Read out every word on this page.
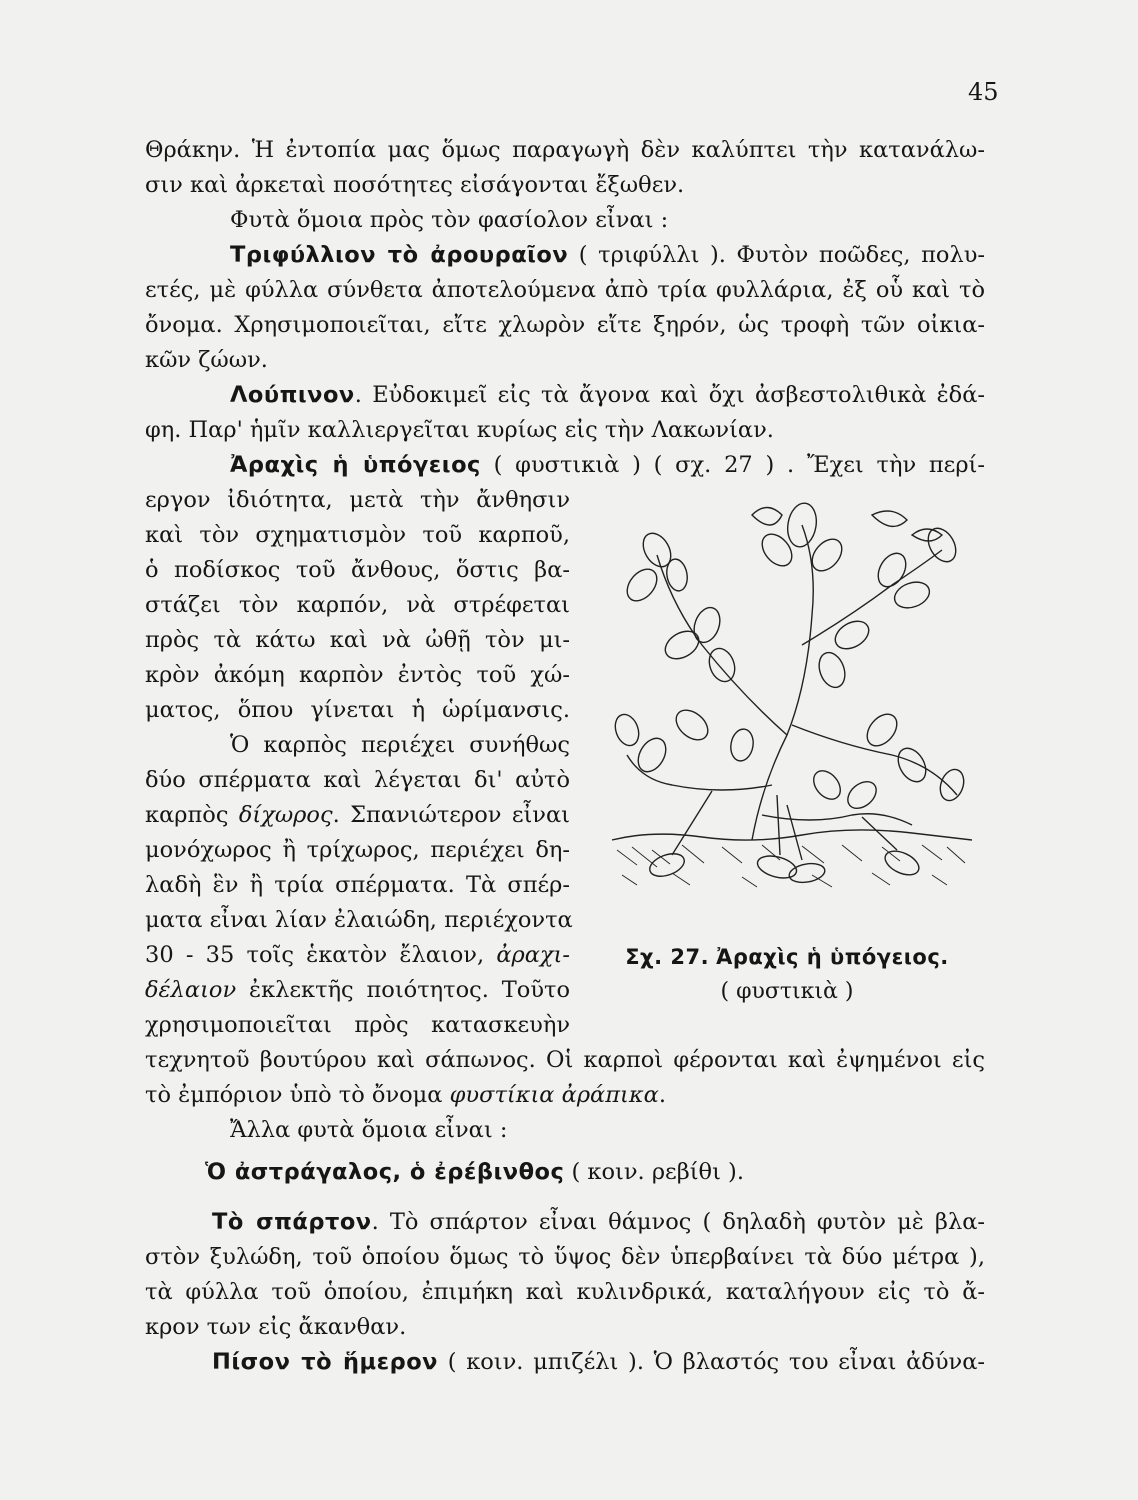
45
Θράκην. Ἡ ἐντοπία μας ὅμως παραγωγὴ δὲν καλύπτει τὴν κατανάλω-
σιν καὶ ἀρκεταὶ ποσότητες εἰσάγονται ἔξωθεν.
Φυτὰ ὅμοια πρὸς τὸν φασίολον εἶναι :
Τριφύλλιον τὸ ἀρουραῖον ( τριφύλλι ). Φυτὸν ποῶδες, πολυ-
ετές, μὲ φύλλα σύνθετα ἀποτελούμενα ἀπὸ τρία φυλλάρια, ἐξ οὗ καὶ τὸ
ὄνομα. Χρησιμοποιεῖται, εἴτε χλωρὸν εἴτε ξηρόν, ὡς τροφὴ τῶν οἰκια-
κῶν ζώων.
Λούπινον. Εὐδοκιμεῖ εἰς τὰ ἄγονα καὶ ὄχι ἀσβεστολιθικὰ ἐδά-
φη. Παρ' ἡμῖν καλλιεργεῖται κυρίως εἰς τὴν Λακωνίαν.
Ἀραχὶς ἡ ὑπόγειος ( φυστικιὰ ) ( σχ. 27 ) . Ἔχει τὴν περί-
εργον ἰδιότητα, μετὰ τὴν ἄνθησιν
καὶ τὸν σχηματισμὸν τοῦ καρποῦ,
ὁ ποδίσκος τοῦ ἄνθους, ὅστις βα-
στάζει τὸν καρπόν, νὰ στρέφεται
πρὸς τὰ κάτω καὶ νὰ ὠθῇ τὸν μι-
κρὸν ἀκόμη καρπὸν ἐντὸς τοῦ χώ-
ματος, ὅπου γίνεται ἡ ὡρίμανσις.
Ὁ καρπὸς περιέχει συνήθως
δύο σπέρματα καὶ λέγεται δι' αὐτὸ
καρπὸς δίχωρος. Σπανιώτερον εἶναι
μονόχωρος ἢ τρίχωρος, περιέχει δη-
λαδὴ ἓν ἢ τρία σπέρματα. Τὰ σπέρ-
ματα εἶναι λίαν ἐλαιώδη, περιέχοντα
30 - 35 τοῖς ἑκατὸν ἔλαιον, ἀραχι-
δέλαιον ἐκλεκτῆς ποιότητος. Τοῦτο
χρησιμοποιεῖται πρὸς κατασκευὴν
τεχνητοῦ βουτύρου καὶ σάπωνος. Οἱ καρποὶ φέρονται καὶ ἐψημένοι εἰς
τὸ ἐμπόριον ὑπὸ τὸ ὄνομα φυστίκια ἀράπικα.
Ἄλλα φυτὰ ὅμοια εἶναι :
Ὁ ἀστράγαλος, ὁ ἐρέβινθος ( κοιν. ρεβίθι ).
Τὸ σπάρτον. Τὸ σπάρτον εἶναι θάμνος ( δηλαδὴ φυτὸν μὲ βλα-
στὸν ξυλώδη, τοῦ ὁποίου ὅμως τὸ ὕψος δὲν ὑπερβαίνει τὰ δύο μέτρα ),
τὰ φύλλα τοῦ ὁποίου, ἐπιμήκη καὶ κυλινδρικά, καταλήγουν εἰς τὸ ἄ-
κρον των εἰς ἄκανθαν.
Πίσον τὸ ἥμερον ( κοιν. μπιζέλι ). Ὁ βλαστός του εἶναι ἀδύνα-
Σχ. 27. Ἀραχὶς ἡ ὑπόγειος.
( φυστικιὰ )
